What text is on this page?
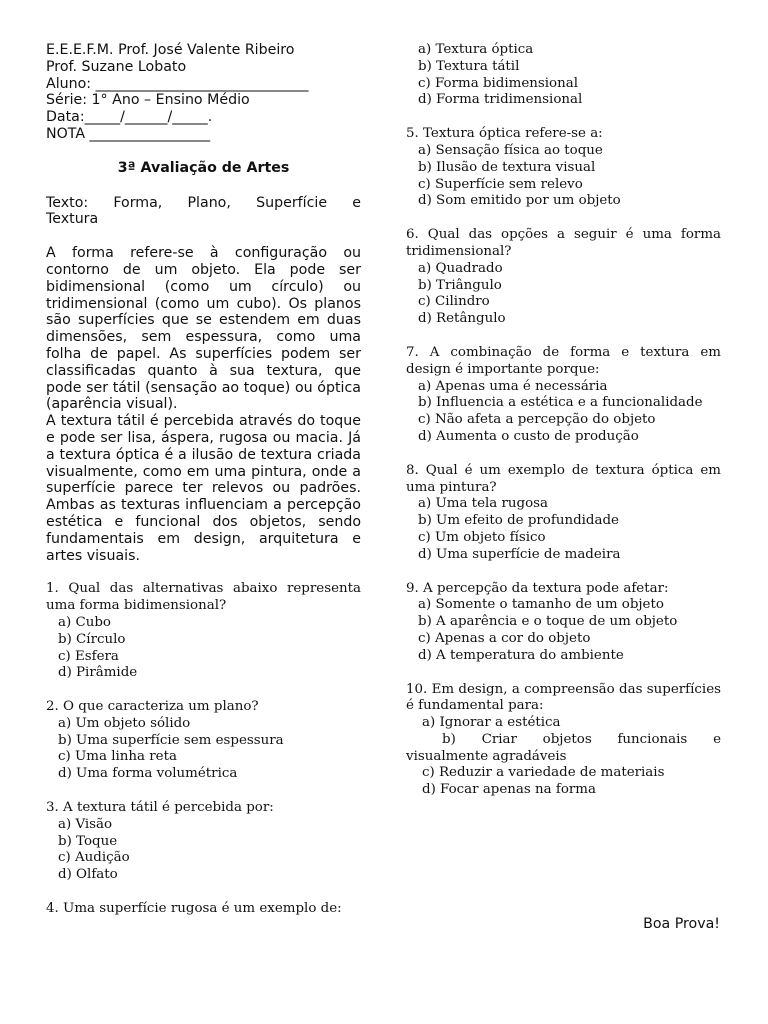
E.E.E.F.M. Prof. José Valente Ribeiro
Prof. Suzane Lobato
Aluno: ______________________________
Série: 1° Ano – Ensino Médio
Data:_____/______/_____.
NOTA _________________
3ª Avaliação de Artes
Texto: Forma, Plano, Superfície e
Textura
A forma refere-se à configuração ou contorno de um objeto. Ela pode ser bidimensional (como um círculo) ou tridimensional (como um cubo). Os planos são superfícies que se estendem em duas dimensões, sem espessura, como uma folha de papel. As superfícies podem ser classificadas quanto à sua textura, que pode ser tátil (sensação ao toque) ou óptica (aparência visual).
A textura tátil é percebida através do toque e pode ser lisa, áspera, rugosa ou macia. Já a textura óptica é a ilusão de textura criada visualmente, como em uma pintura, onde a superfície parece ter relevos ou padrões. Ambas as texturas influenciam a percepção estética e funcional dos objetos, sendo fundamentais em design, arquitetura e artes visuais.
1. Qual das alternativas abaixo representa uma forma bidimensional?
a) Cubo
b) Círculo
c) Esfera
d) Pirâmide
2. O que caracteriza um plano?
a) Um objeto sólido
b) Uma superfície sem espessura
c) Uma linha reta
d) Uma forma volumétrica
3. A textura tátil é percebida por:
a) Visão
b) Toque
c) Audição
d) Olfato
4. Uma superfície rugosa é um exemplo de:
a) Textura óptica
b) Textura tátil
c) Forma bidimensional
d) Forma tridimensional
5. Textura óptica refere-se a:
a) Sensação física ao toque
b) Ilusão de textura visual
c) Superfície sem relevo
d) Som emitido por um objeto
6. Qual das opções a seguir é uma forma tridimensional?
a) Quadrado
b) Triângulo
c) Cilindro
d) Retângulo
7. A combinação de forma e textura em design é importante porque:
a) Apenas uma é necessária
b) Influencia a estética e a funcionalidade
c) Não afeta a percepção do objeto
d) Aumenta o custo de produção
8. Qual é um exemplo de textura óptica em uma pintura?
a) Uma tela rugosa
b) Um efeito de profundidade
c) Um objeto físico
d) Uma superfície de madeira
9. A percepção da textura pode afetar:
a) Somente o tamanho de um objeto
b) A aparência e o toque de um objeto
c) Apenas a cor do objeto
d) A temperatura do ambiente
10. Em design, a compreensão das superfícies é fundamental para:
a) Ignorar a estética
b) Criar objetos funcionais e visualmente agradáveis
c) Reduzir a variedade de materiais
d) Focar apenas na forma
Boa Prova!
